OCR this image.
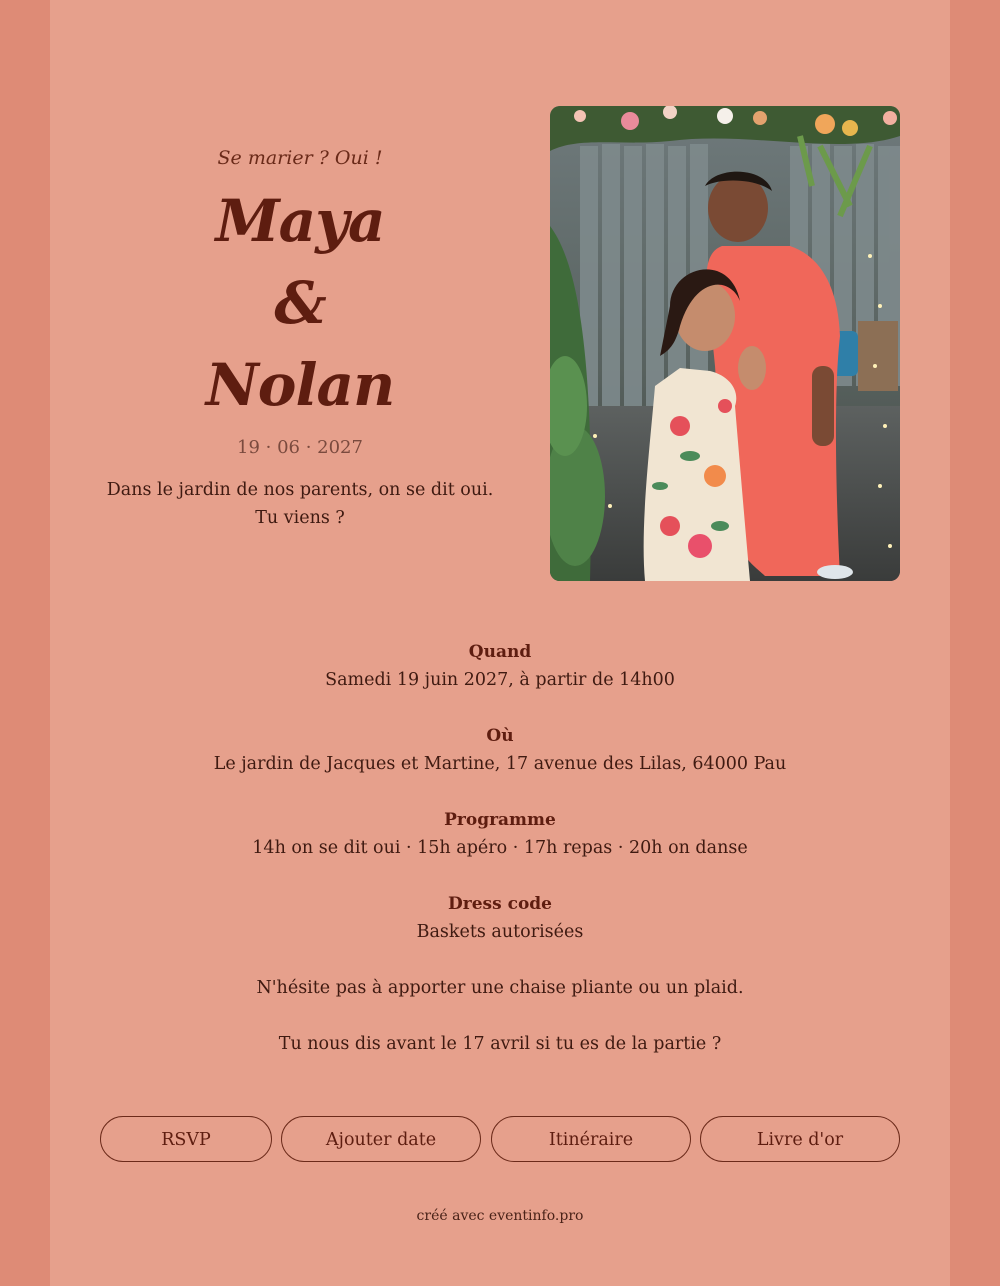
Se marier ? Oui !

Maya
&
Nolan
19 · 06 · 2027
Dans le jardin de nos parents, on se dit oui.
Tu viens ?
Quand
Samedi 19 juin 2027, à partir de 14h00
Où
Le jardin de Jacques et Martine, 17 avenue des Lilas, 64000 Pau
Programme
14h on se dit oui · 15h apéro · 17h repas · 20h on danse
Dress code
Baskets autorisées
N'hésite pas à apporter une chaise pliante ou un plaid.
Tu nous dis avant le 17 avril si tu es de la partie ?
RSVP	Ajouter date	Itinéraire	Livre d'or
créé avec eventinfo.pro
